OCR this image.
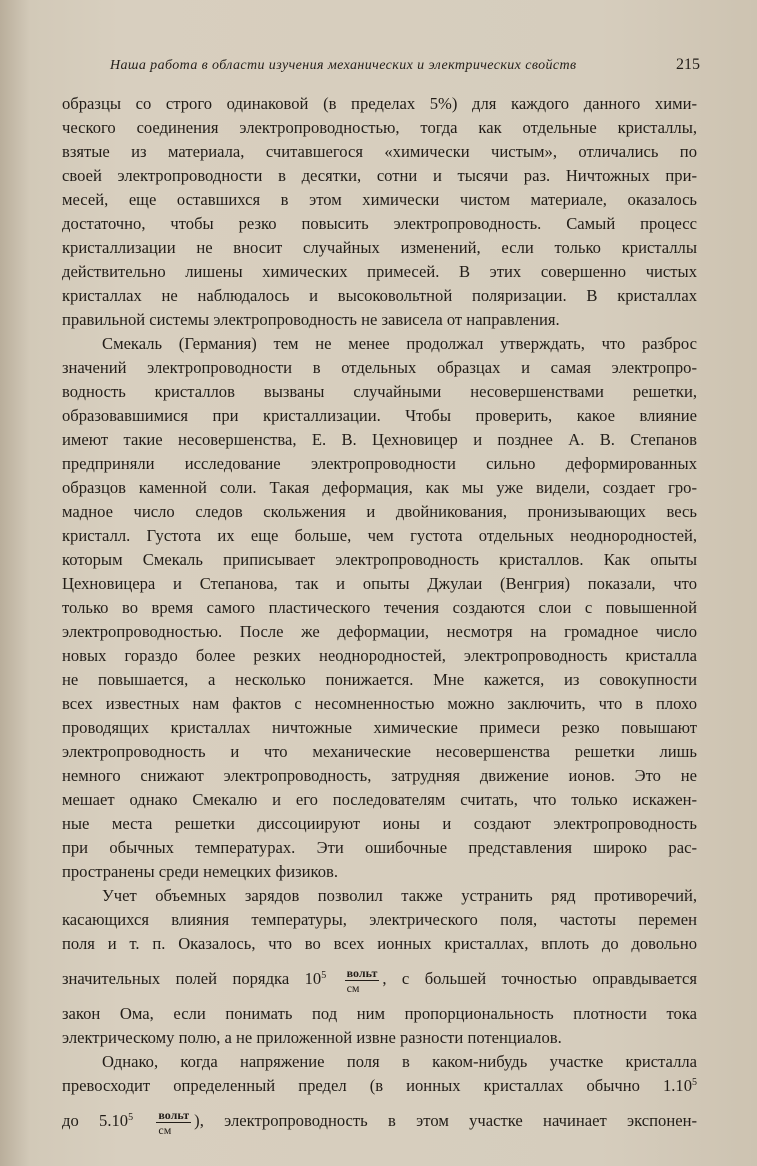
Наша работа в области изучения механических и электрических свойств	215
образцы со строго одинаковой (в пределах 5%) для каждого данного хими-
ческого соединения электропроводностью, тогда как отдельные кристаллы,
взятые из материала, считавшегося «химически чистым», отличались по
своей электропроводности в десятки, сотни и тысячи раз. Ничтожных при-
месей, еще оставшихся в этом химически чистом материале, оказалось
достаточно, чтобы резко повысить электропроводность. Самый процесс
кристаллизации не вносит случайных изменений, если только кристаллы
действительно лишены химических примесей. В этих совершенно чистых
кристаллах не наблюдалось и высоковольтной поляризации. В кристаллах
правильной системы электропроводность не зависела от направления.
Смекаль (Германия) тем не менее продолжал утверждать, что разброс
значений электропроводности в отдельных образцах и самая электропро-
водность кристаллов вызваны случайными несовершенствами решетки,
образовавшимися при кристаллизации. Чтобы проверить, какое влияние
имеют такие несовершенства, Е. В. Цехновицер и позднее А. В. Степанов
предприняли исследование электропроводности сильно деформированных
образцов каменной соли. Такая деформация, как мы уже видели, создает гро-
мадное число следов скольжения и двойникования, пронизывающих весь
кристалл. Густота их еще больше, чем густота отдельных неоднородностей,
которым Смекаль приписывает электропроводность кристаллов. Как опыты
Цехновицера и Степанова, так и опыты Джулаи (Венгрия) показали, что
только во время самого пластического течения создаются слои с повышенной
электропроводностью. После же деформации, несмотря на громадное число
новых гораздо более резких неоднородностей, электропроводность кристалла
не повышается, а несколько понижается. Мне кажется, из совокупности
всех известных нам фактов с несомненностью можно заключить, что в плохо
проводящих кристаллах ничтожные химические примеси резко повышают
электропроводность и что механические несовершенства решетки лишь
немного снижают электропроводность, затрудняя движение ионов. Это не
мешает однако Смекалю и его последователям считать, что только искажен-
ные места решетки диссоциируют ионы и создают электропроводность
при обычных температурах. Эти ошибочные представления широко рас-
пространены среди немецких физиков.
Учет объемных зарядов позволил также устранить ряд противоречий,
касающихся влияния температуры, электрического поля, частоты перемен
поля и т. п. Оказалось, что во всех ионных кристаллах, вплоть до довольно
значительных полей порядка $10^5 \frac{\text{вольт}}{см}$ , с большей точностью оправдывается
закон Ома, если понимать под ним пропорциональность плотности тока
электрическому полю, а не приложенной извне разности потенциалов.
Однако, когда напряжение поля в каком-нибудь участке кристалла
превосходит определенный предел (в ионных кристаллах обычно 1.10$^5$
до $5.10^5 \frac{\text{вольт}}{см}$ ), электропроводность в этом участке начинает экспонен-
